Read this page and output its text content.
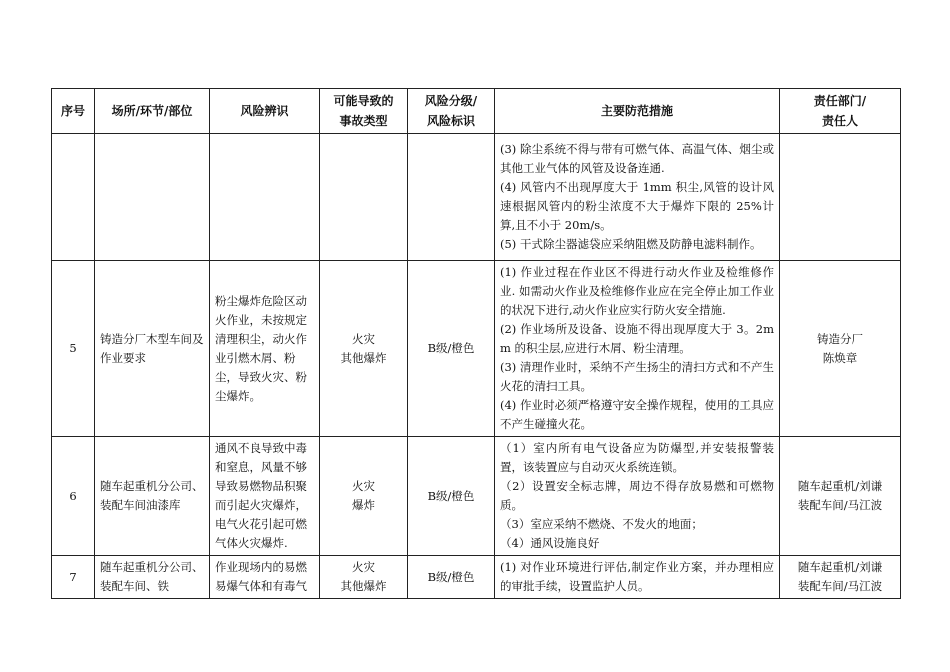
序号	场所/环节/部位	风险辨识	可能导致的
事故类型	风险分级/
风险标识	主要防范措施	责任部门/
责任人

					(3) 除尘系统不得与带有可燃气体、高温气体、烟尘或其他工业气体的风管及设备连通.
(4) 风管内不出现厚度大于 1mm 积尘,风管的设计风速根据风管内的粉尘浓度不大于爆炸下限的 25%计算,且不小于 20m/s。
(5) 干式除尘器滤袋应采纳阻燃及防静电滤料制作。	

5	铸造分厂木型车间及作业要求	粉尘爆炸危险区动火作业，未按规定清理积尘，动火作业引燃木屑、粉尘，导致火灾、粉尘爆炸。	火灾
其他爆炸	B级/橙色	(1) 作业过程在作业区不得进行动火作业及检维修作业. 如需动火作业及检维修作业应在完全停止加工作业的状况下进行,动火作业应实行防火安全措施.
(2) 作业场所及设备、设施不得出现厚度大于 3。2mm 的积尘层,应进行木屑、粉尘清理。
(3) 清理作业时，采纳不产生扬尘的清扫方式和不产生火花的清扫工具。
(4) 作业时必须严格遵守安全操作规程，使用的工具应不产生碰撞火花。	铸造分厂
陈焕章

6	随车起重机分公司、装配车间油漆库	通风不良导致中毒和窒息，风量不够导致易燃物品积聚而引起火灾爆炸，电气火花引起可燃气体火灾爆炸.	火灾
爆炸	B级/橙色	（1）室内所有电气设备应为防爆型,并安装报警装置，该装置应与自动灭火系统连锁。
（2）设置安全标志牌，周边不得存放易燃和可燃物质。
（3）室应采纳不燃烧、不发火的地面；
（4）通风设施良好	随车起重机/刘谦
装配车间/马江波

7	随车起重机分公司、装配车间、铁	作业现场内的易燃易爆气体和有毒气	火灾
其他爆炸	B级/橙色	(1) 对作业环境进行评估,制定作业方案，并办理相应的审批手续，设置监护人员。	随车起重机/刘谦
装配车间/马江波
